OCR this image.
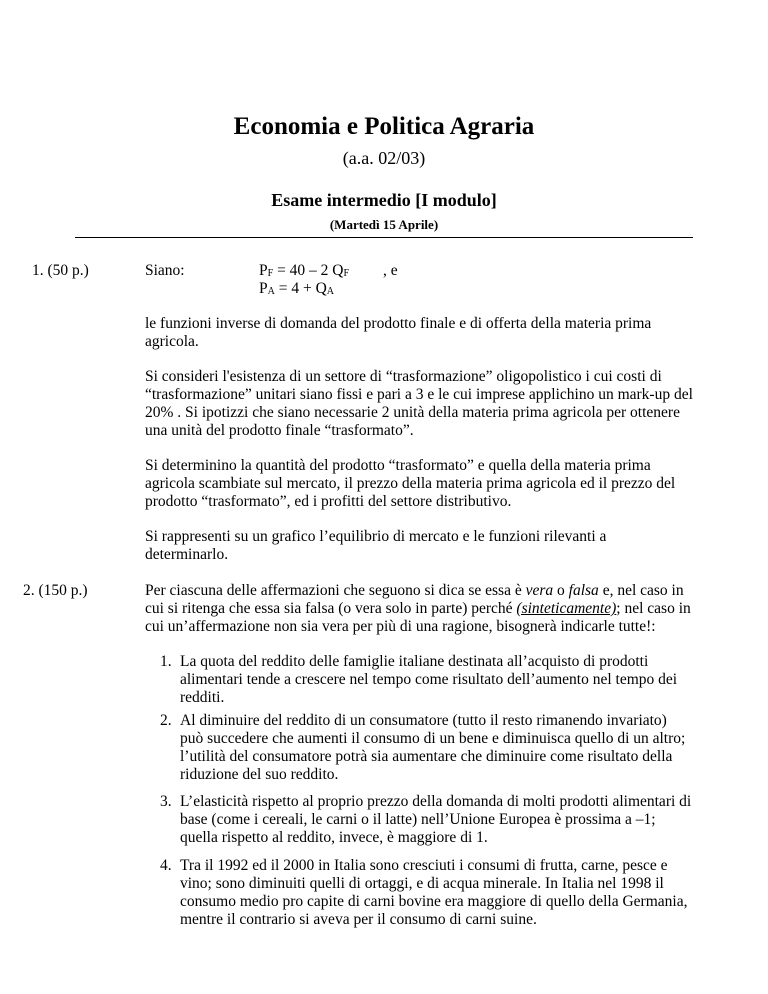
Economia e Politica Agraria
(a.a. 02/03)
Esame intermedio [I modulo]
(Martedì 15 Aprile)
1. (50 p.)	Siano:	$P_F = 40 - 2$ $Q_F$ , e
$P_A = 4 + Q_A$
le funzioni inverse di domanda del prodotto finale e di offerta della materia prima agricola.
Si consideri l'esistenza di un settore di “trasformazione” oligopolistico i cui costi di “trasformazione” unitari siano fissi e pari a 3 e le cui imprese applichino un mark-up del 20% . Si ipotizzi che siano necessarie 2 unità della materia prima agricola per ottenere una unità del prodotto finale “trasformato”.
Si determinino la quantità del prodotto “trasformato” e quella della materia prima agricola scambiate sul mercato, il prezzo della materia prima agricola ed il prezzo del prodotto “trasformato”, ed i profitti del settore distributivo.
Si rappresenti su un grafico l’equilibrio di mercato e le funzioni rilevanti a determinarlo.
2. (150 p.)	Per ciascuna delle affermazioni che seguono si dica se essa è vera o falsa e, nel caso in cui si ritenga che essa sia falsa (o vera solo in parte) perché (sinteticamente); nel caso in cui un’affermazione non sia vera per più di una ragione, bisognerà indicarle tutte!:
1. La quota del reddito delle famiglie italiane destinata all’acquisto di prodotti alimentari tende a crescere nel tempo come risultato dell’aumento nel tempo dei redditi.
2. Al diminuire del reddito di un consumatore (tutto il resto rimanendo invariato) può succedere che aumenti il consumo di un bene e diminuisca quello di un altro; l’utilità del consumatore potrà sia aumentare che diminuire come risultato della riduzione del suo reddito.
3. L’elasticità rispetto al proprio prezzo della domanda di molti prodotti alimentari di base (come i cereali, le carni o il latte) nell’Unione Europea è prossima a –1; quella rispetto al reddito, invece, è maggiore di 1.
4. Tra il 1992 ed il 2000 in Italia sono cresciuti i consumi di frutta, carne, pesce e vino; sono diminuiti quelli di ortaggi, e di acqua minerale. In Italia nel 1998 il consumo medio pro capite di carni bovine era maggiore di quello della Germania, mentre il contrario si aveva per il consumo di carni suine.
